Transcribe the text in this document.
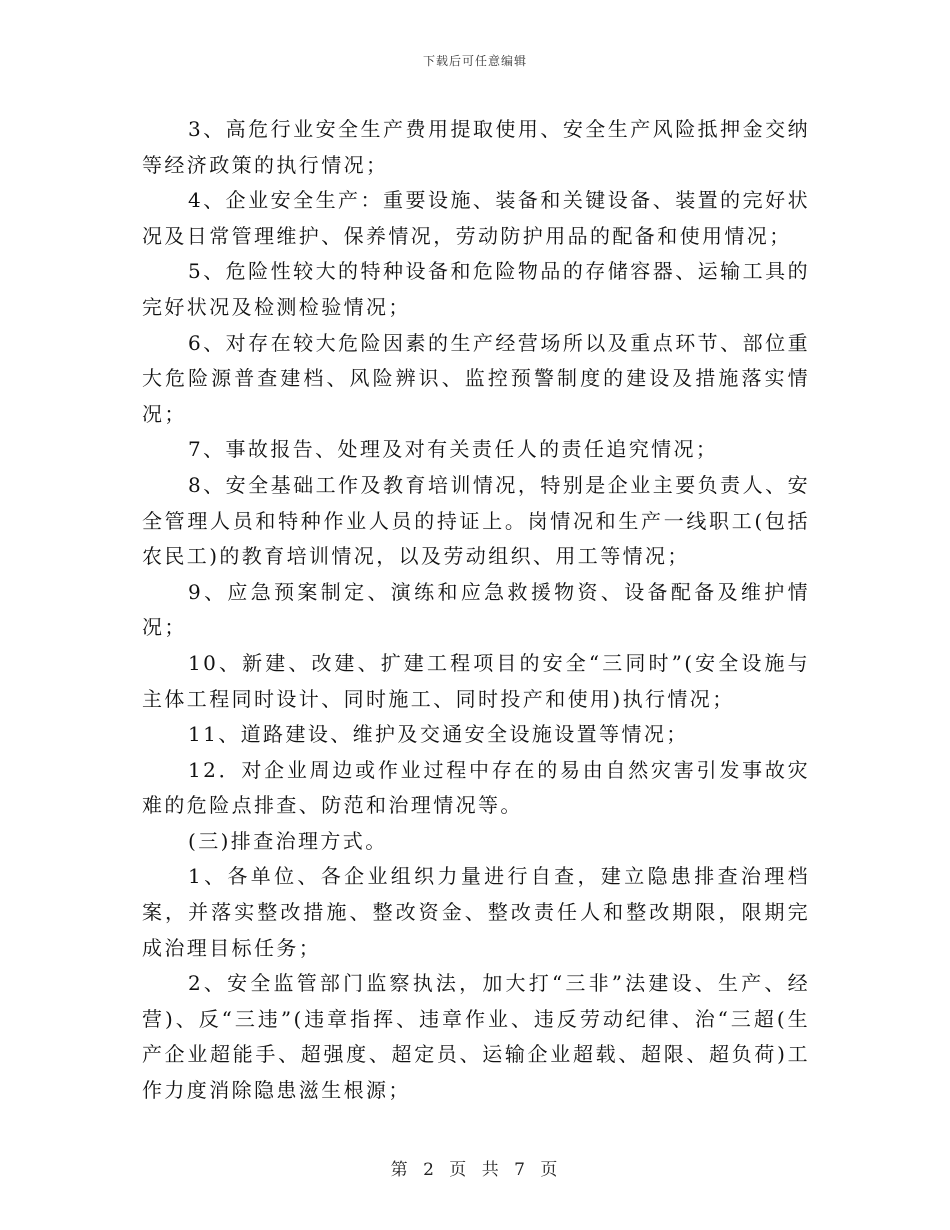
下载后可任意编辑

3、高危行业安全生产费用提取使用、安全生产风险抵押金交纳等经济政策的执行情况；

4、企业安全生产：重要设施、装备和关键设备、装置的完好状况及日常管理维护、保养情况，劳动防护用品的配备和使用情况；

5、危险性较大的特种设备和危险物品的存储容器、运输工具的完好状况及检测检验情况；

6、对存在较大危险因素的生产经营场所以及重点环节、部位重大危险源普查建档、风险辨识、监控预警制度的建设及措施落实情况；

7、事故报告、处理及对有关责任人的责任追究情况；

8、安全基础工作及教育培训情况，特别是企业主要负责人、安全管理人员和特种作业人员的持证上。岗情况和生产一线职工(包括农民工)的教育培训情况，以及劳动组织、用工等情况；

9、应急预案制定、演练和应急救援物资、设备配备及维护情况；

10、新建、改建、扩建工程项目的安全“三同时”(安全设施与主体工程同时设计、同时施工、同时投产和使用)执行情况；

11、道路建设、维护及交通安全设施设置等情况；

12．对企业周边或作业过程中存在的易由自然灾害引发事故灾难的危险点排查、防范和治理情况等。

(三)排查治理方式。

1、各单位、各企业组织力量进行自查，建立隐患排查治理档案，并落实整改措施、整改资金、整改责任人和整改期限，限期完成治理目标任务；

2、安全监管部门监察执法，加大打“三非”法建设、生产、经营)、反“三违”(违章指挥、违章作业、违反劳动纪律、治“三超(生产企业超能手、超强度、超定员、运输企业超载、超限、超负荷)工作力度消除隐患滋生根源；

第 2 页 共 7 页
